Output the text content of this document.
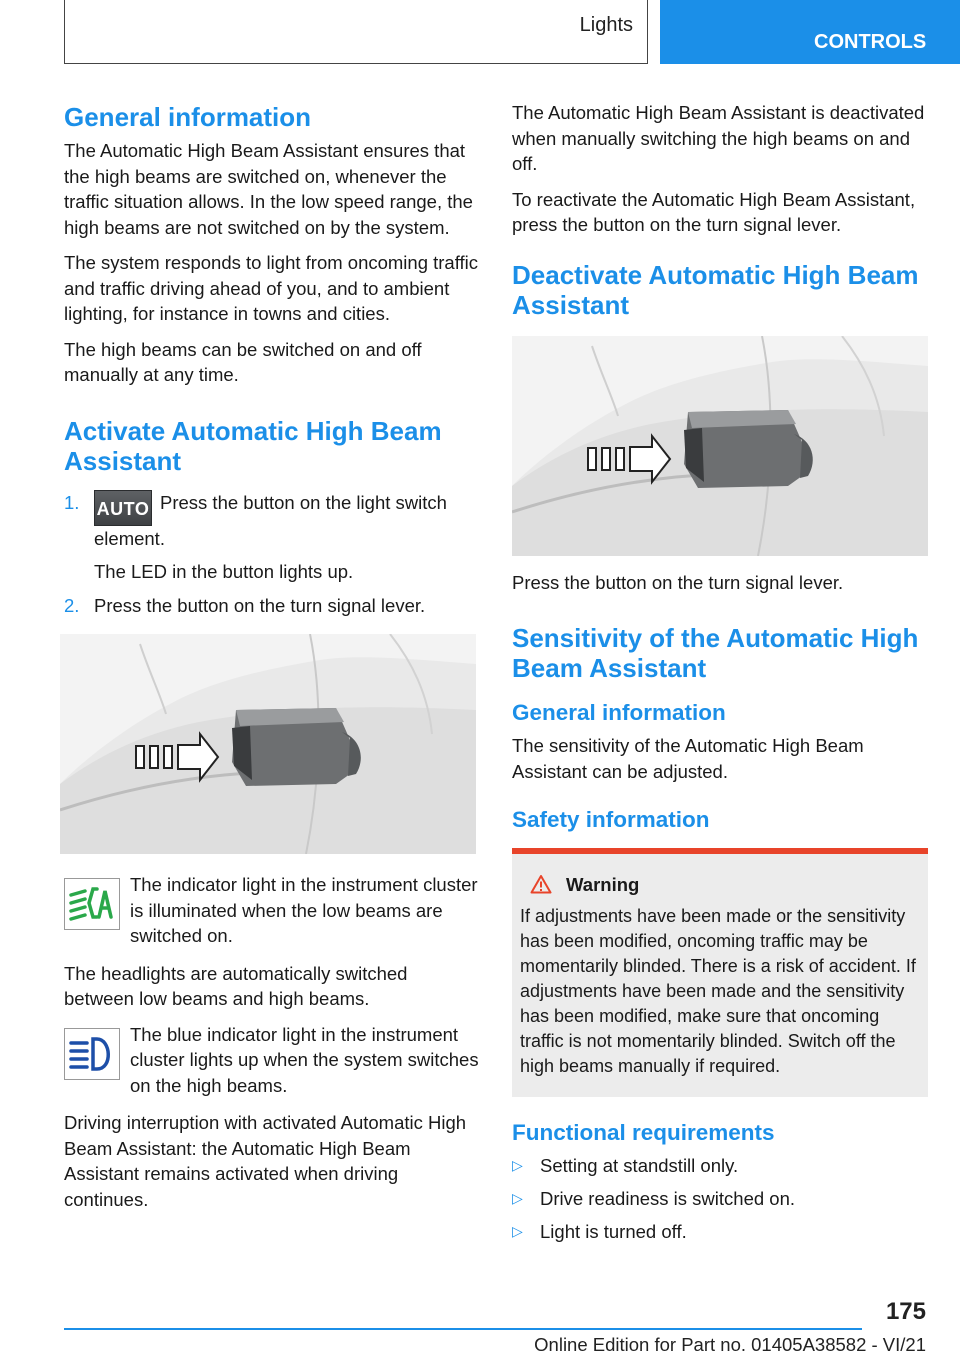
Lights
CONTROLS
General information

The Automatic High Beam Assistant ensures that the high beams are switched on, whenever the traffic situation allows. In the low speed range, the high beams are not switched on by the system.

The system responds to light from oncoming traffic and traffic driving ahead of you, and to ambient lighting, for instance in towns and cities.

The high beams can be switched on and off manually at any time.

Activate Automatic High Beam Assistant
1. AUTO Press the button on the light switch element.
The LED in the button lights up.
2. Press the button on the turn signal lever.

The indicator light in the instrument cluster is illuminated when the low beams are switched on.

The headlights are automatically switched between low beams and high beams.

The blue indicator light in the instrument cluster lights up when the system switches on the high beams.

Driving interruption with activated Automatic High Beam Assistant: the Automatic High Beam Assistant remains activated when driving continues.

The Automatic High Beam Assistant is deactivated when manually switching the high beams on and off.

To reactivate the Automatic High Beam Assistant, press the button on the turn signal lever.

Deactivate Automatic High Beam Assistant

Press the button on the turn signal lever.

Sensitivity of the Automatic High Beam Assistant
General information

The sensitivity of the Automatic High Beam Assistant can be adjusted.

Safety information
Warning

If adjustments have been made or the sensitivity has been modified, oncoming traffic may be momentarily blinded. There is a risk of accident. If adjustments have been made and the sensitivity has been modified, make sure that oncoming traffic is not momentarily blinded. Switch off the high beams manually if required.

Functional requirements
▷ Setting at standstill only.
▷ Drive readiness is switched on.
▷ Light is turned off.
175
Online Edition for Part no. 01405A38582 - VI/21
